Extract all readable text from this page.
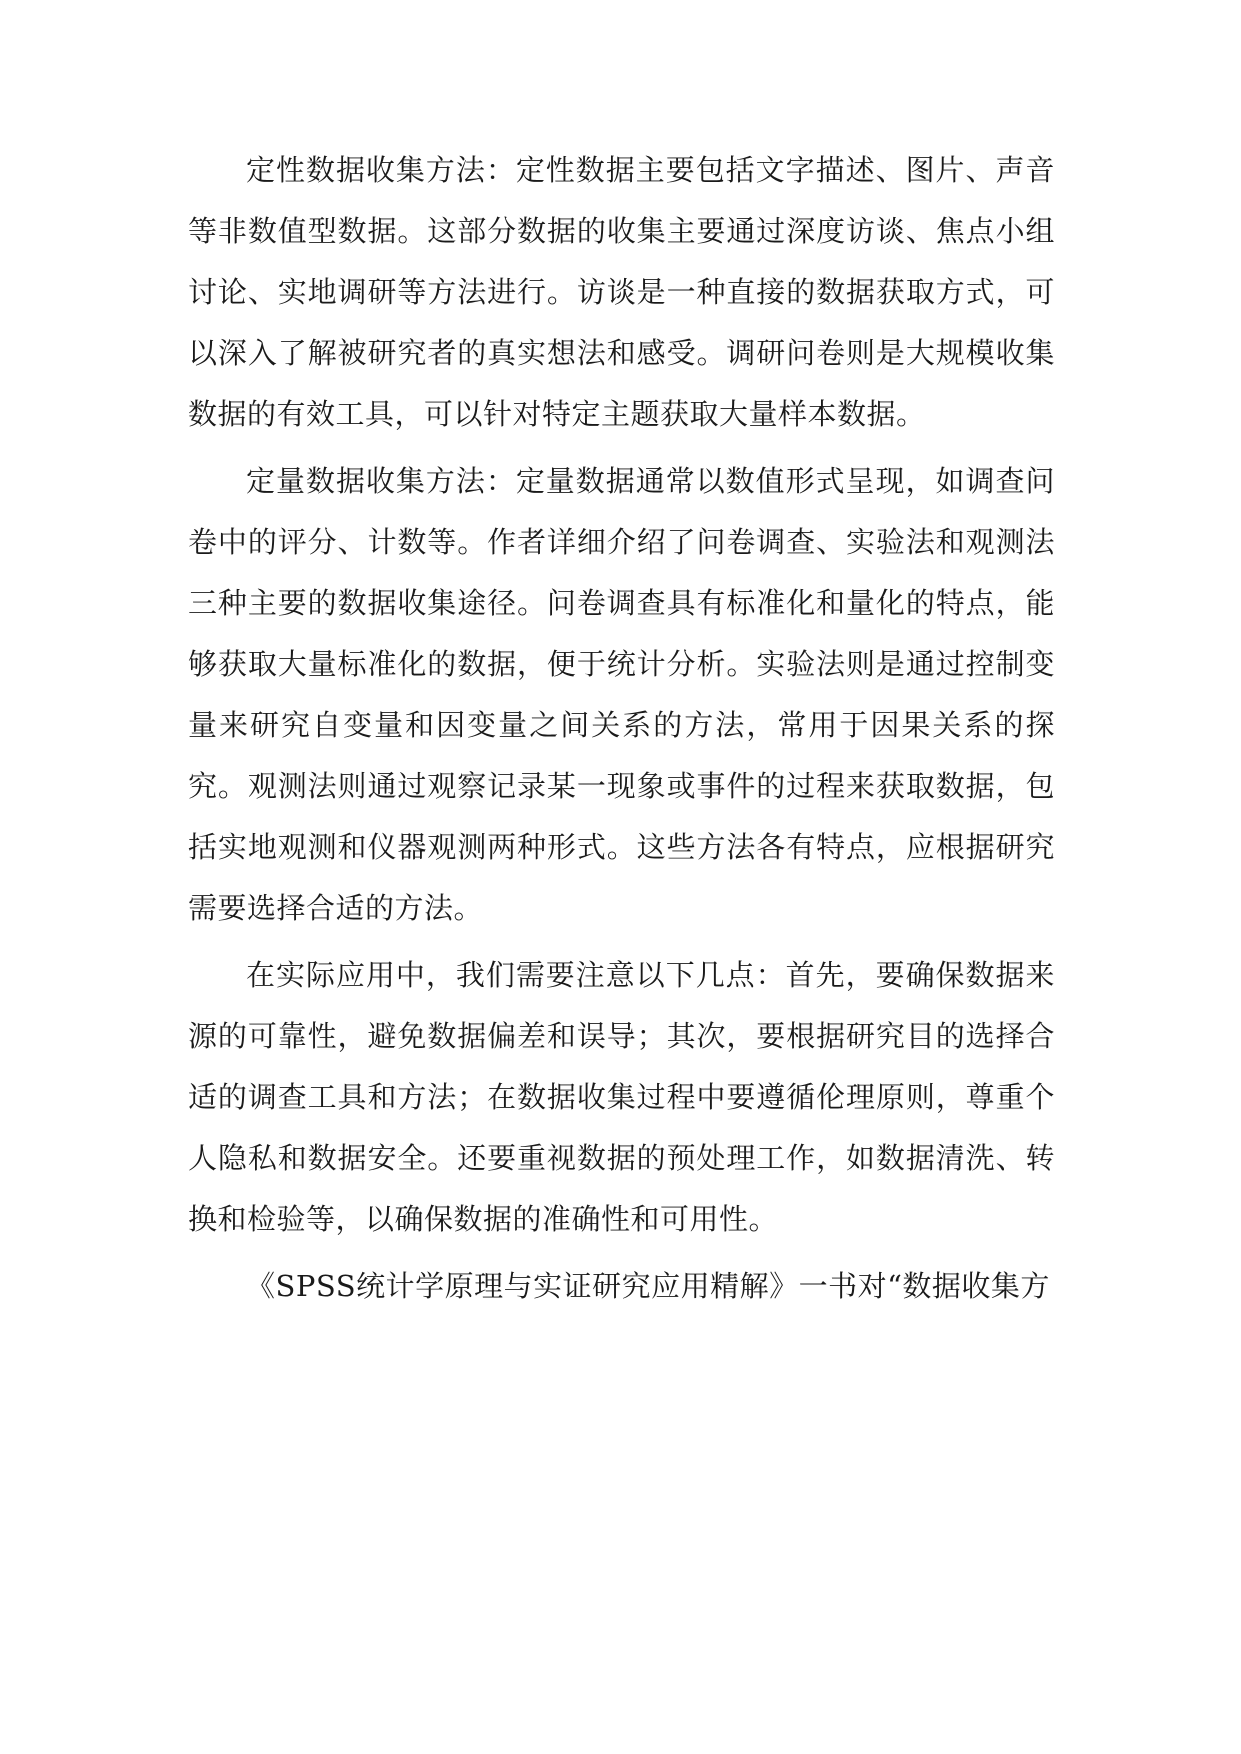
定性数据收集方法：定性数据主要包括文字描述、图片、声音等非数值型数据。这部分数据的收集主要通过深度访谈、焦点小组讨论、实地调研等方法进行。访谈是一种直接的数据获取方式，可以深入了解被研究者的真实想法和感受。调研问卷则是大规模收集数据的有效工具，可以针对特定主题获取大量样本数据。

定量数据收集方法：定量数据通常以数值形式呈现，如调查问卷中的评分、计数等。作者详细介绍了问卷调查、实验法和观测法三种主要的数据收集途径。问卷调查具有标准化和量化的特点，能够获取大量标准化的数据，便于统计分析。实验法则是通过控制变量来研究自变量和因变量之间关系的方法，常用于因果关系的探究。观测法则通过观察记录某一现象或事件的过程来获取数据，包括实地观测和仪器观测两种形式。这些方法各有特点，应根据研究需要选择合适的方法。

在实际应用中，我们需要注意以下几点：首先，要确保数据来源的可靠性，避免数据偏差和误导；其次，要根据研究目的选择合适的调查工具和方法；在数据收集过程中要遵循伦理原则，尊重个人隐私和数据安全。还要重视数据的预处理工作，如数据清洗、转换和检验等，以确保数据的准确性和可用性。

《SPSS统计学原理与实证研究应用精解》一书对“数据收集方
